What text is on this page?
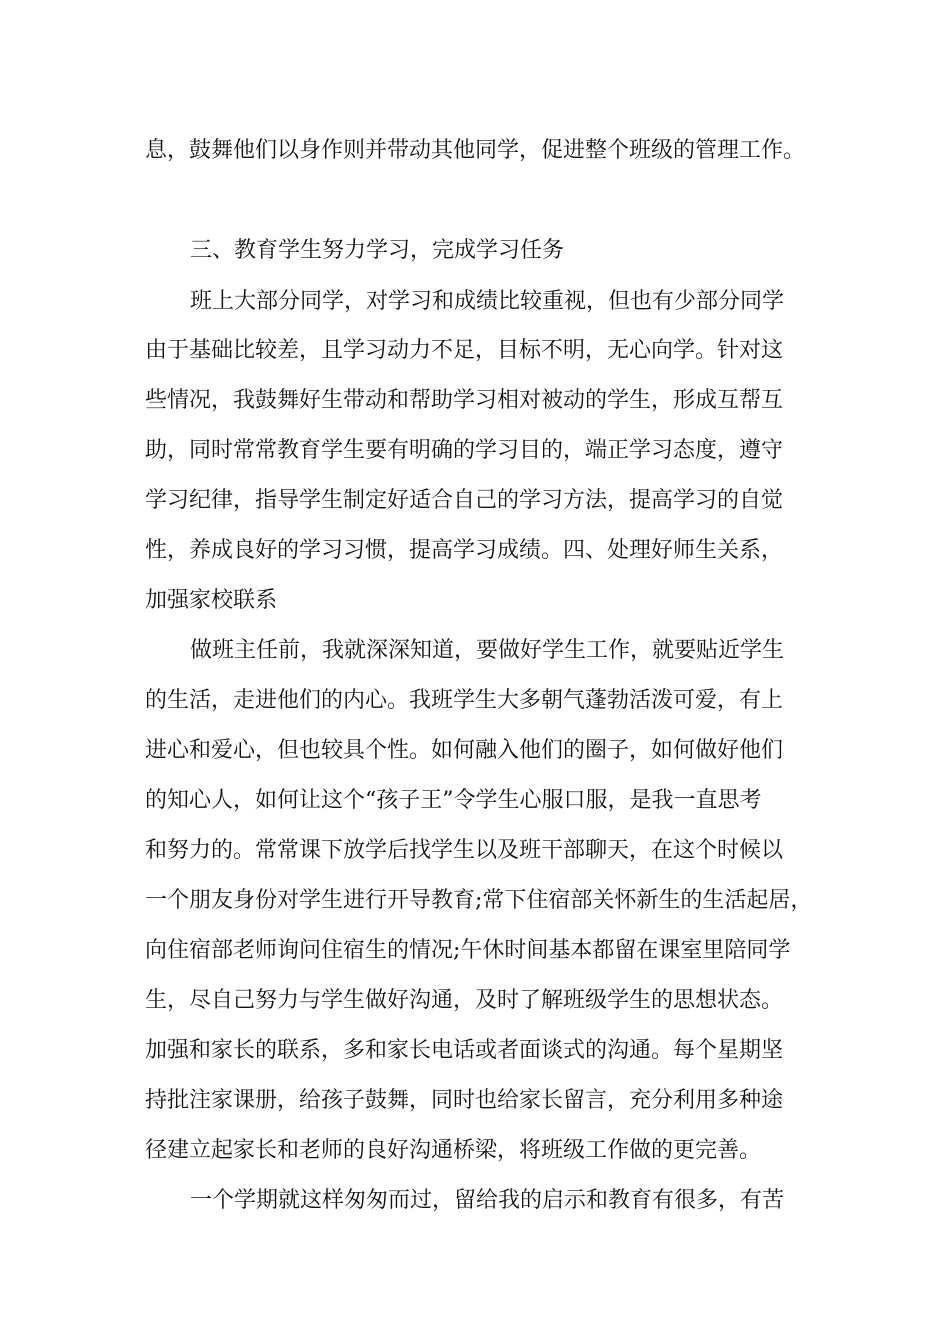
息，鼓舞他们以身作则并带动其他同学，促进整个班级的管理工作。

三、教育学生努力学习，完成学习任务

班上大部分同学，对学习和成绩比较重视，但也有少部分同学

由于基础比较差，且学习动力不足，目标不明，无心向学。针对这

些情况，我鼓舞好生带动和帮助学习相对被动的学生，形成互帮互

助，同时常常教育学生要有明确的学习目的，端正学习态度，遵守

学习纪律，指导学生制定好适合自己的学习方法，提高学习的自觉

性，养成良好的学习习惯，提高学习成绩。四、处理好师生关系，

加强家校联系

做班主任前，我就深深知道，要做好学生工作，就要贴近学生

的生活，走进他们的内心。我班学生大多朝气蓬勃活泼可爱，有上

进心和爱心，但也较具个性。如何融入他们的圈子，如何做好他们

的知心人，如何让这个“孩子王”令学生心服口服，是我一直思考

和努力的。常常课下放学后找学生以及班干部聊天，在这个时候以

一个朋友身份对学生进行开导教育;常下住宿部关怀新生的生活起居，

向住宿部老师询问住宿生的情况;午休时间基本都留在课室里陪同学

生，尽自己努力与学生做好沟通，及时了解班级学生的思想状态。

加强和家长的联系，多和家长电话或者面谈式的沟通。每个星期坚

持批注家课册，给孩子鼓舞，同时也给家长留言，充分利用多种途

径建立起家长和老师的良好沟通桥梁，将班级工作做的更完善。

一个学期就这样匆匆而过，留给我的启示和教育有很多，有苦
